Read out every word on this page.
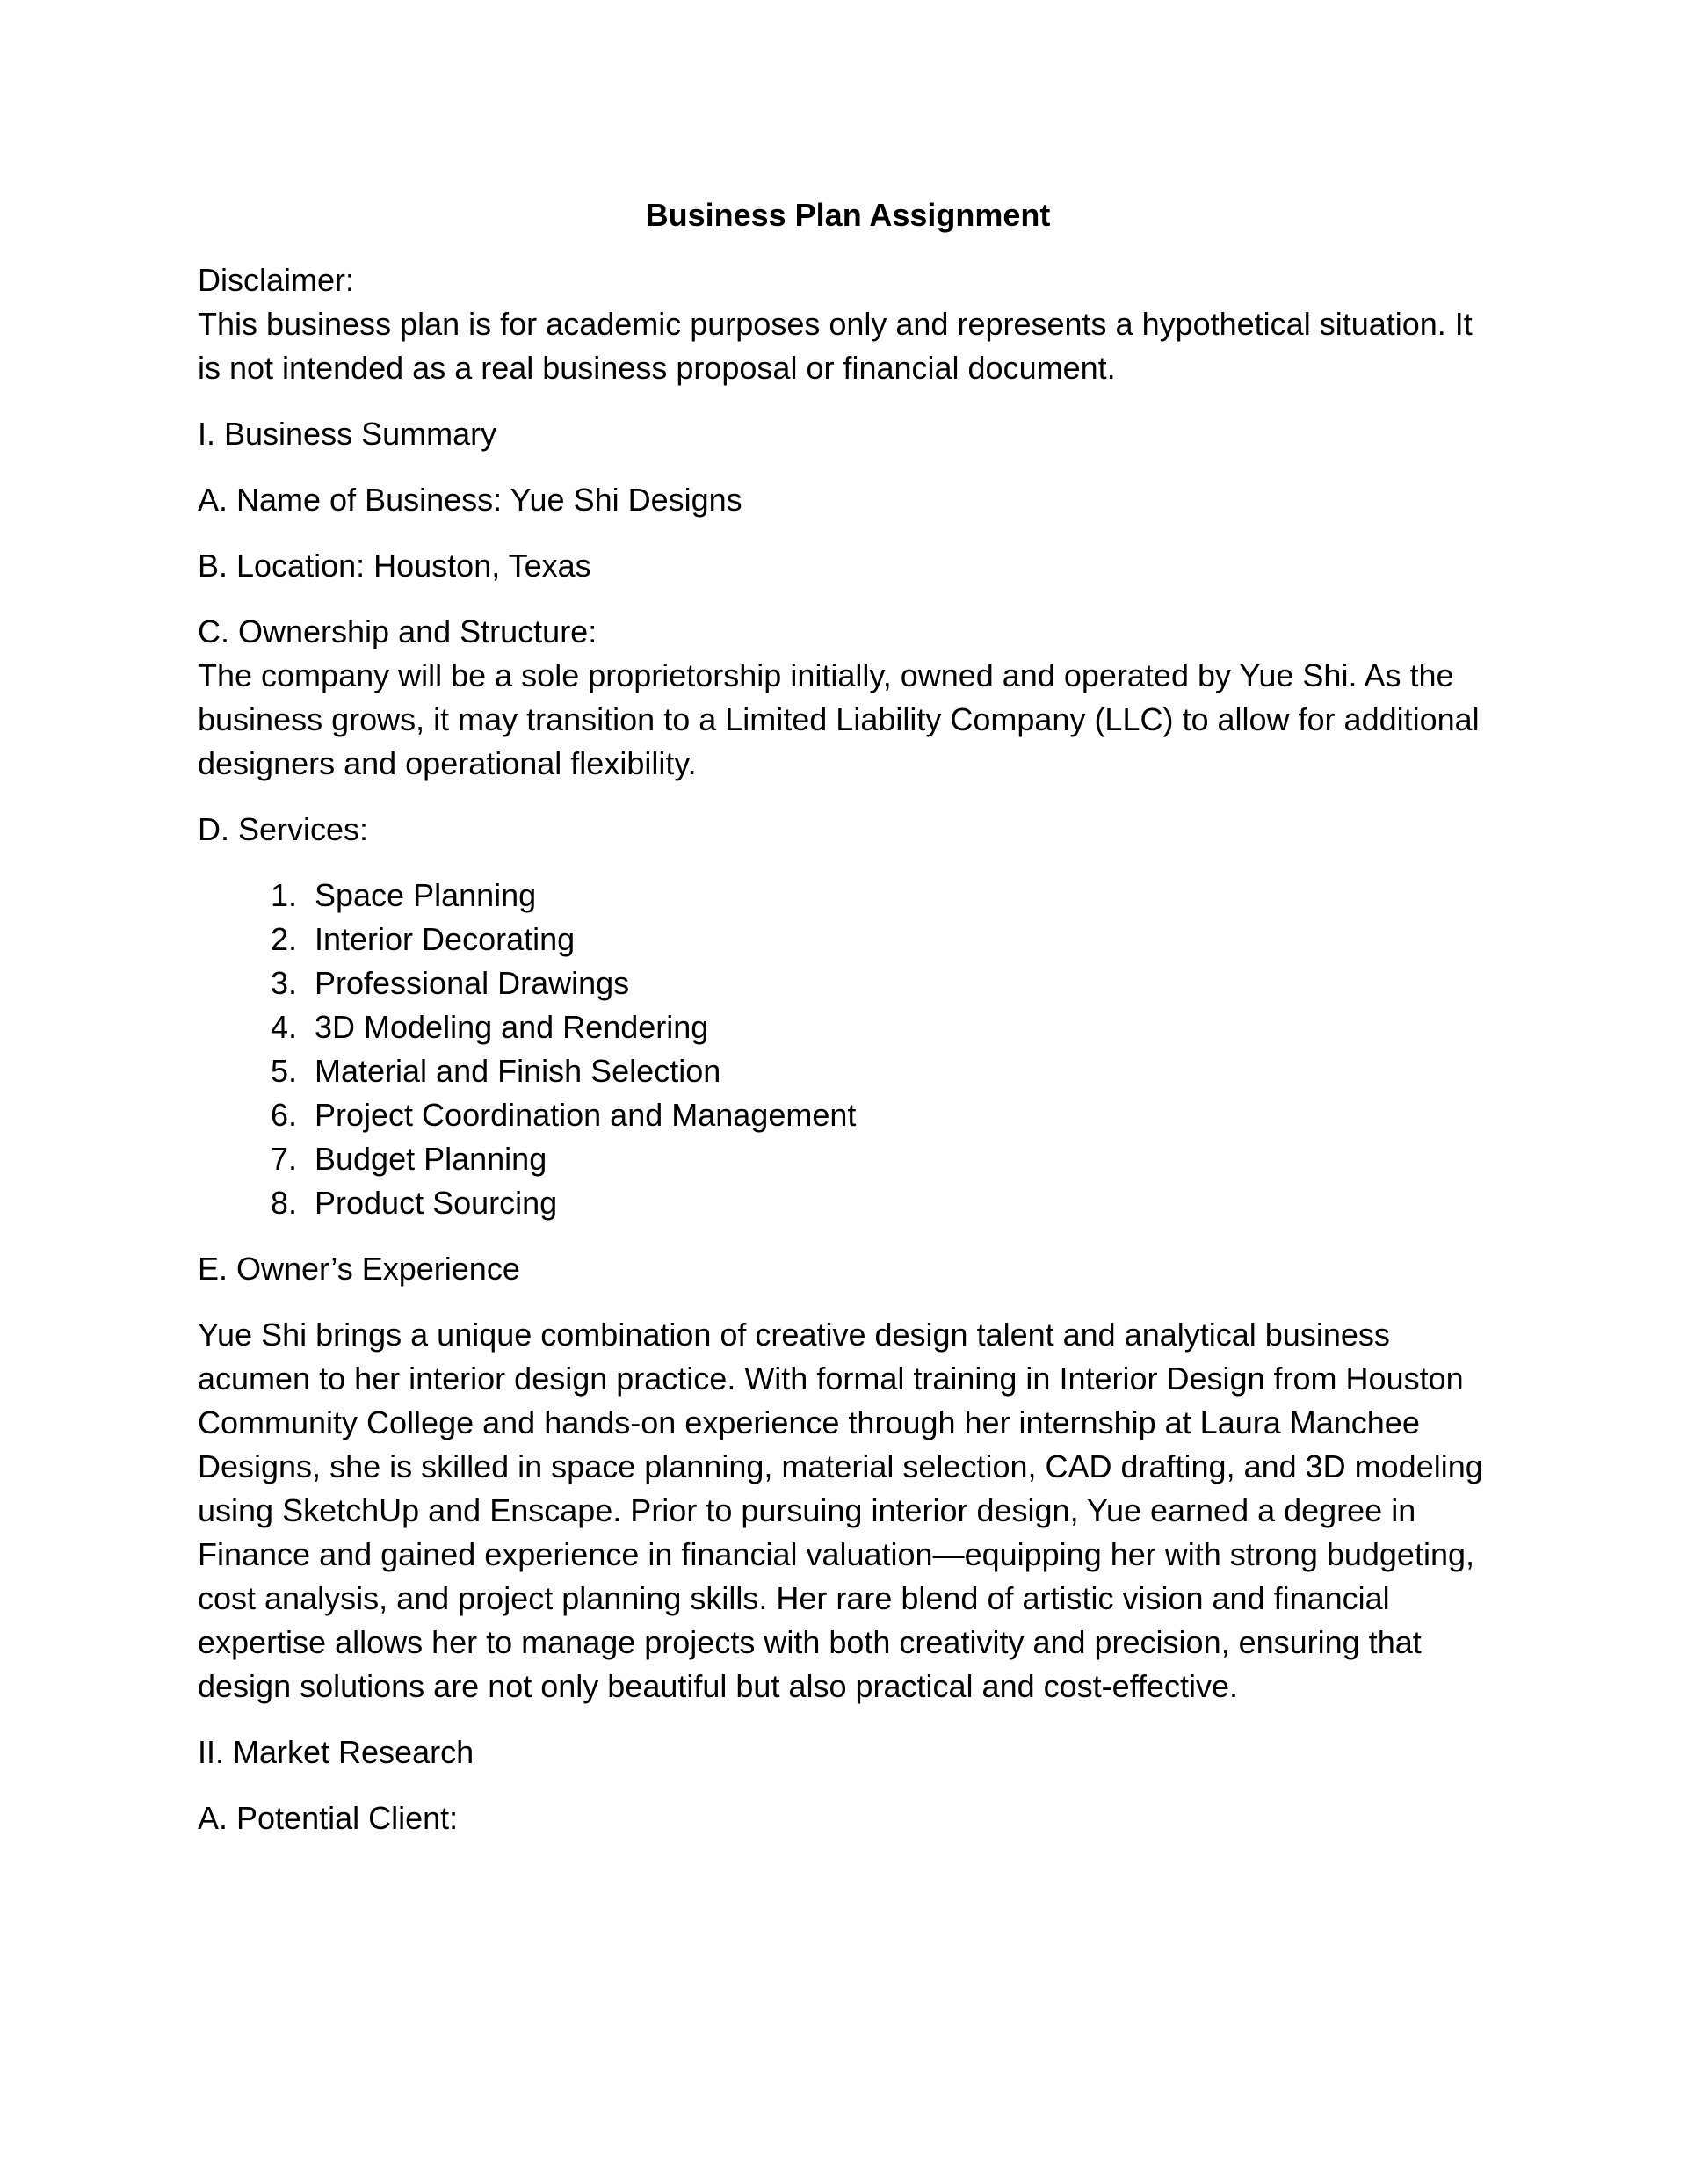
Business Plan Assignment

Disclaimer:
This business plan is for academic purposes only and represents a hypothetical situation. It is not intended as a real business proposal or financial document.

I. Business Summary

A. Name of Business: Yue Shi Designs

B. Location: Houston, Texas

C. Ownership and Structure:
The company will be a sole proprietorship initially, owned and operated by Yue Shi. As the business grows, it may transition to a Limited Liability Company (LLC) to allow for additional designers and operational flexibility.

D. Services:

1. Space Planning
2. Interior Decorating
3. Professional Drawings
4. 3D Modeling and Rendering
5. Material and Finish Selection
6. Project Coordination and Management
7. Budget Planning
8. Product Sourcing

E. Owner’s Experience

Yue Shi brings a unique combination of creative design talent and analytical business acumen to her interior design practice. With formal training in Interior Design from Houston Community College and hands-on experience through her internship at Laura Manchee Designs, she is skilled in space planning, material selection, CAD drafting, and 3D modeling using SketchUp and Enscape. Prior to pursuing interior design, Yue earned a degree in Finance and gained experience in financial valuation—equipping her with strong budgeting, cost analysis, and project planning skills. Her rare blend of artistic vision and financial expertise allows her to manage projects with both creativity and precision, ensuring that design solutions are not only beautiful but also practical and cost-effective.

II. Market Research

A. Potential Client:
